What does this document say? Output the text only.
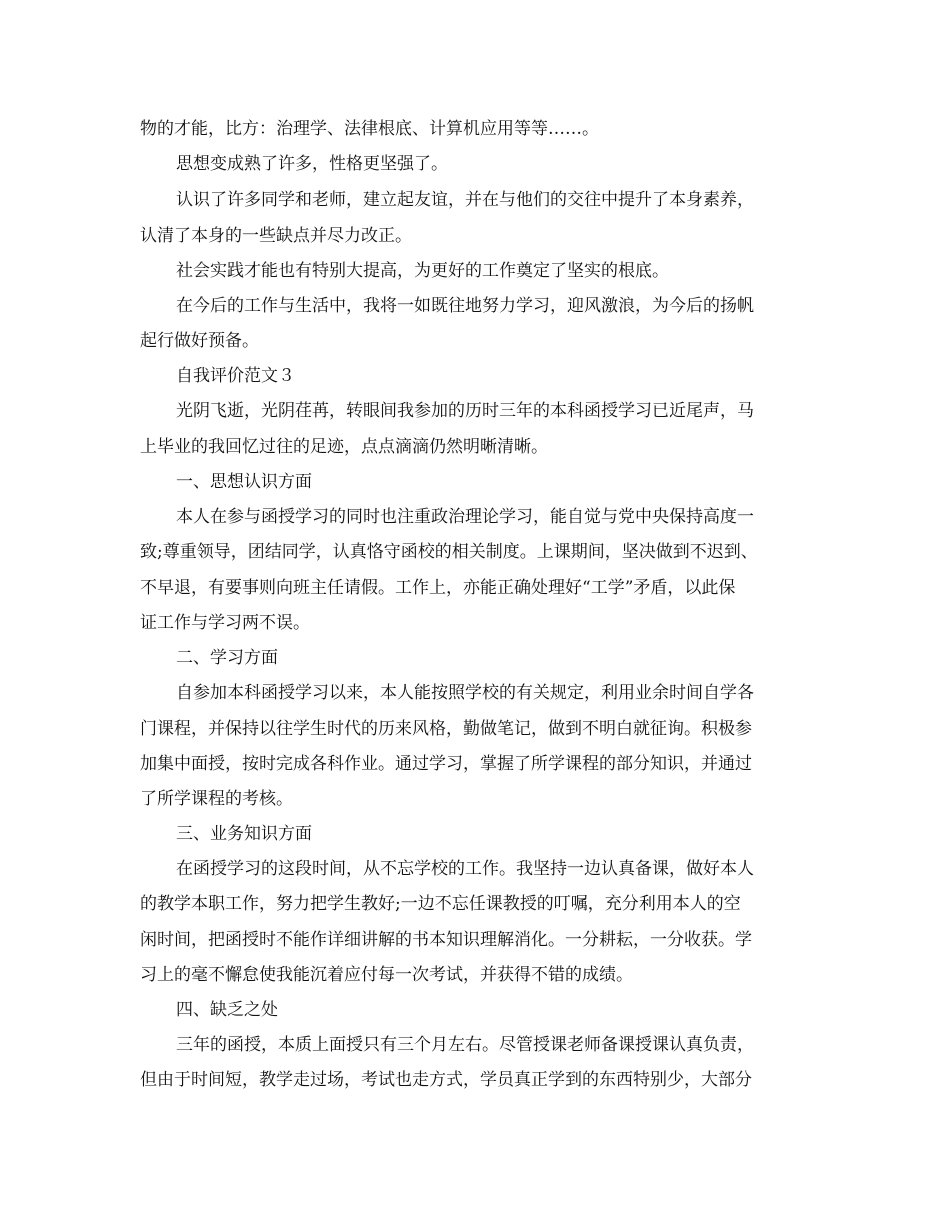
物的才能，比方：治理学、法律根底、计算机应用等等……。
思想变成熟了许多，性格更坚强了。
认识了许多同学和老师，建立起友谊，并在与他们的交往中提升了本身素养，
认清了本身的一些缺点并尽力改正。
社会实践才能也有特别大提高，为更好的工作奠定了坚实的根底。
在今后的工作与生活中，我将一如既往地努力学习，迎风激浪，为今后的扬帆
起行做好预备。
自我评价范文３
光阴飞逝，光阴荏苒，转眼间我参加的历时三年的本科函授学习已近尾声，马
上毕业的我回忆过往的足迹，点点滴滴仍然明晰清晰。
一、思想认识方面
本人在参与函授学习的同时也注重政治理论学习，能自觉与党中央保持高度一
致;尊重领导，团结同学，认真恪守函校的相关制度。上课期间，坚决做到不迟到、
不早退，有要事则向班主任请假。工作上，亦能正确处理好“工学”矛盾，以此保
证工作与学习两不误。
二、学习方面
自参加本科函授学习以来，本人能按照学校的有关规定，利用业余时间自学各
门课程，并保持以往学生时代的历来风格，勤做笔记，做到不明白就征询。积极参
加集中面授，按时完成各科作业。通过学习，掌握了所学课程的部分知识，并通过
了所学课程的考核。
三、业务知识方面
在函授学习的这段时间，从不忘学校的工作。我坚持一边认真备课，做好本人
的教学本职工作，努力把学生教好;一边不忘任课教授的叮嘱，充分利用本人的空
闲时间，把函授时不能作详细讲解的书本知识理解消化。一分耕耘，一分收获。学
习上的毫不懈怠使我能沉着应付每一次考试，并获得不错的成绩。
四、缺乏之处
三年的函授，本质上面授只有三个月左右。尽管授课老师备课授课认真负责，
但由于时间短，教学走过场，考试也走方式，学员真正学到的东西特别少，大部分
